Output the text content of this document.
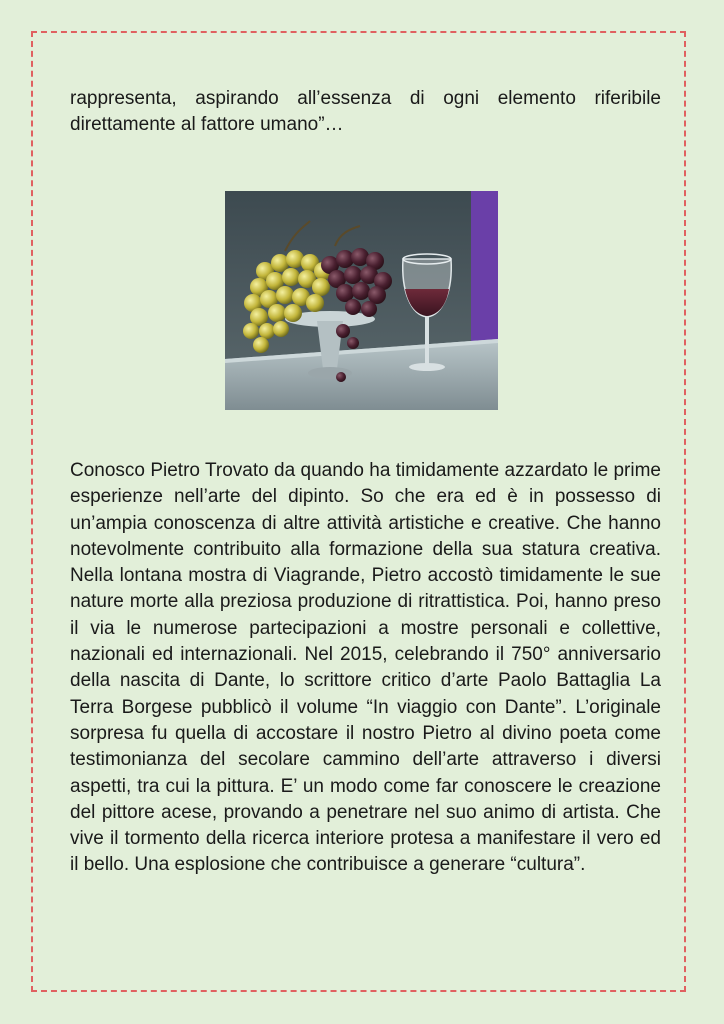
rappresenta, aspirando all’essenza di ogni elemento riferibile direttamente al fattore umano”…

Conosco Pietro Trovato da quando ha timidamente azzardato le prime esperienze nell’arte del dipinto. So che era ed è in possesso di un’ampia conoscenza di altre attività artistiche e creative. Che hanno notevolmente contribuito alla formazione della sua statura creativa. Nella lontana mostra di Viagrande, Pietro accostò timidamente le sue nature morte alla preziosa produzione di ritrattistica. Poi, hanno preso il via le numerose partecipazioni a mostre personali e collettive, nazionali ed internazionali. Nel 2015, celebrando il 750° anniversario della nascita di Dante, lo scrittore critico d’arte Paolo Battaglia La Terra Borgese pubblicò il volume “In viaggio con Dante”. L’originale sorpresa fu quella di accostare il nostro Pietro al divino poeta come testimonianza del secolare cammino dell’arte attraverso i diversi aspetti, tra cui la pittura. E’ un modo come far conoscere le creazione del pittore acese, provando a penetrare nel suo animo di artista. Che vive il tormento della ricerca interiore protesa a manifestare il vero ed il bello. Una esplosione che contribuisce a generare “cultura”.
